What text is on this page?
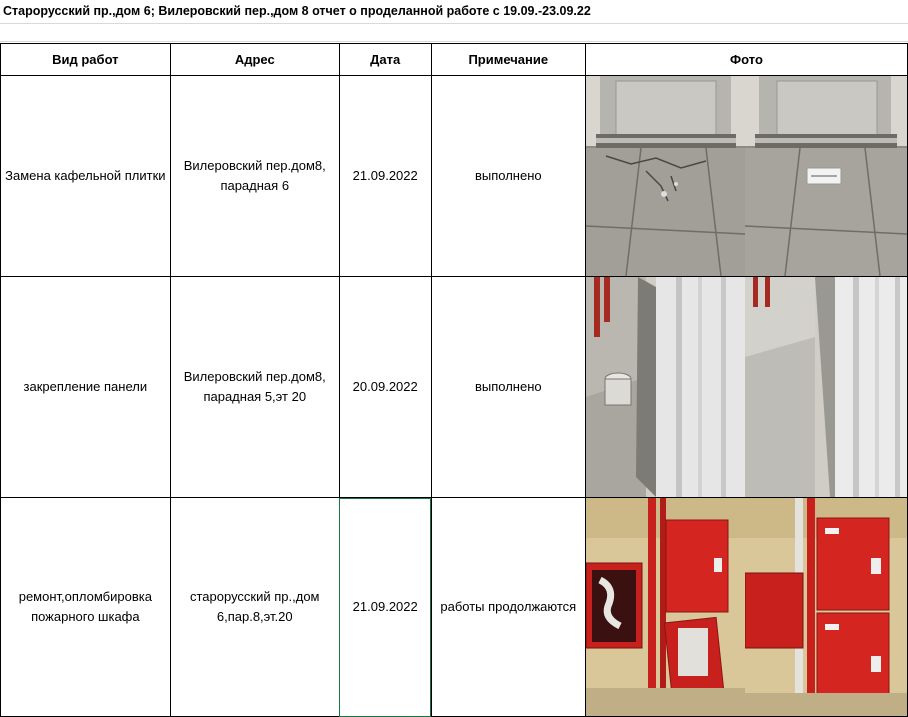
Старорусский пр.,дом 6; Вилеровский пер.,дом 8 отчет о проделанной работе с 19.09.-23.09.22
Вид работ	Адрес	Дата	Примечание	Фото

Замена кафельной плитки	Вилеровский пер.дом8, парадная 6	21.09.2022	выполнено

закрепление панели	Вилеровский пер.дом8, парадная 5,эт 20	20.09.2022	выполнено

ремонт,опломбировка пожарного шкафа	старорусский пр.,дом 6,пар.8,эт.20	21.09.2022	работы продолжаются
